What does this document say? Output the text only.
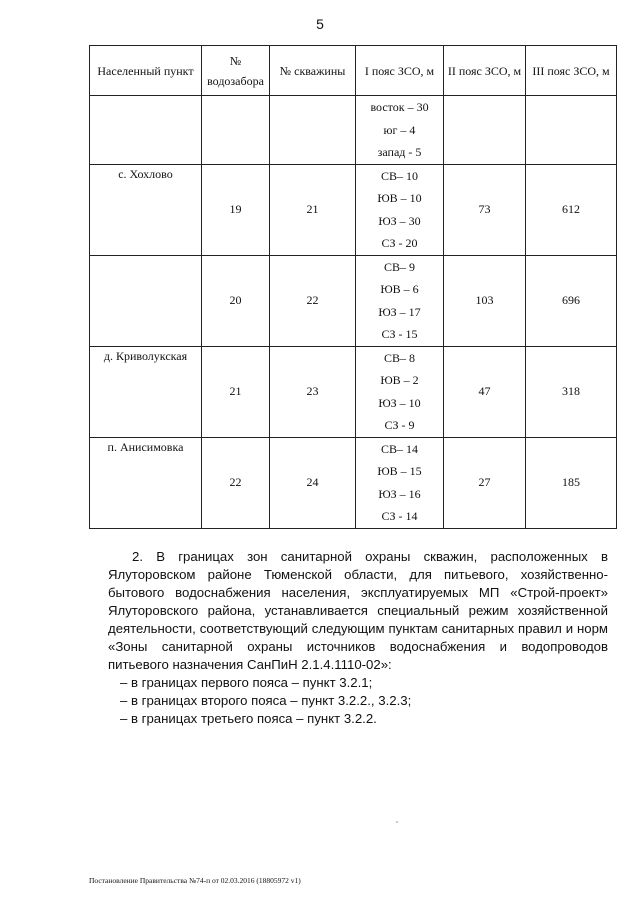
5
Населенный пункт	№ водозабора	№ скважины	I пояс ЗСО, м	II пояс ЗСО, м	III пояс ЗСО, м

			восток – 30
юг – 4
запад - 5		

с. Хохлово	19	21	СВ– 10
ЮВ – 10
ЮЗ – 30
СЗ - 20	73	612
	20	22	СВ– 9
ЮВ – 6
ЮЗ – 17
СЗ - 15	103	696
д. Криволукская	21	23	СВ– 8
ЮВ – 2
ЮЗ – 10
СЗ - 9	47	318
п. Анисимовка	22	24	СВ– 14
ЮВ – 15
ЮЗ – 16
СЗ - 14	27	185

2. В границах зон санитарной охраны скважин, расположенных в Ялуторовском районе Тюменской области, для питьевого, хозяйственно-бытового водоснабжения населения, эксплуатируемых МП «Строй-проект» Ялуторовского района, устанавливается специальный режим хозяйственной деятельности, соответствующий следующим пунктам санитарных правил и норм «Зоны санитарной охраны источников водоснабжения и водопроводов питьевого назначения СанПиН 2.1.4.1110-02»:

– в границах первого пояса – пункт 3.2.1;
– в границах второго пояса – пункт 3.2.2., 3.2.3;
– в границах третьего пояса – пункт 3.2.2.
Постановление Правительства №74-п от 02.03.2016 (18805972 v1)
